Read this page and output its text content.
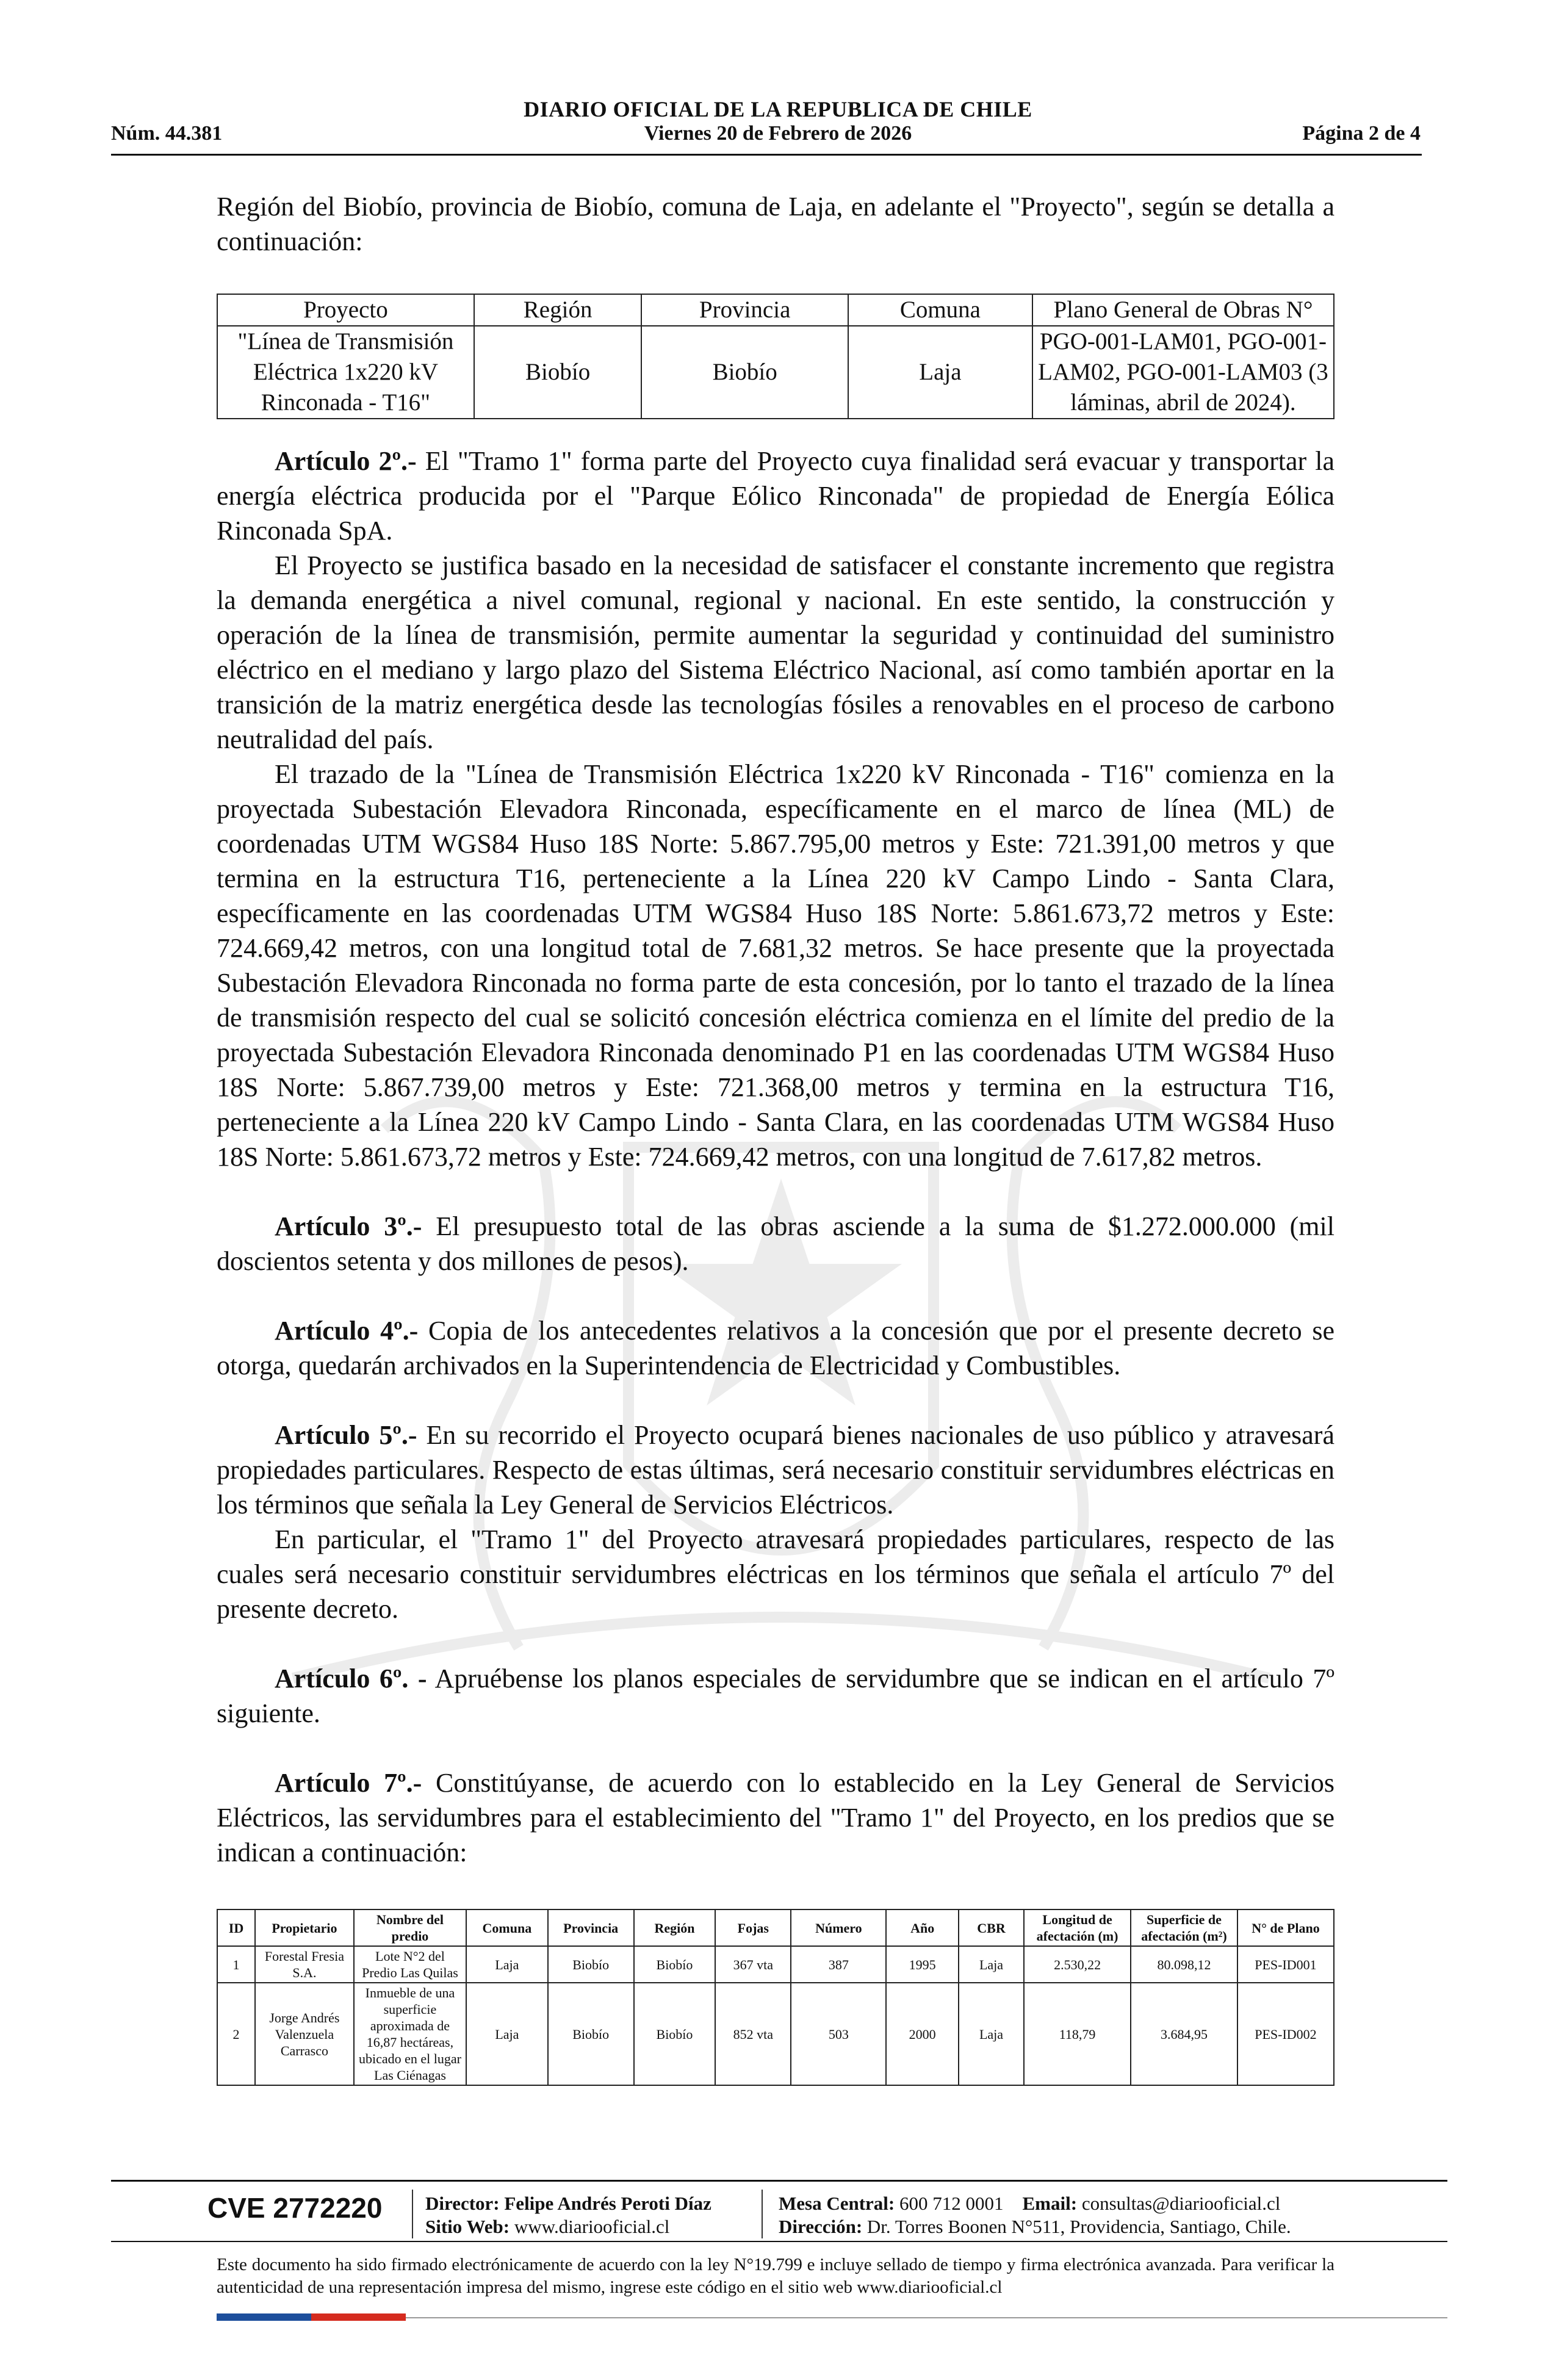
DIARIO OFICIAL DE LA REPUBLICA DE CHILE
Núm. 44.381	Viernes 20 de Febrero de 2026	Página 2 de 4

Región del Biobío, provincia de Biobío, comuna de Laja, en adelante el "Proyecto", según se detalla a continuación:

Proyecto	Región	Provincia	Comuna	Plano General de Obras N°
"Línea de Transmisión Eléctrica 1x220 kV Rinconada - T16"	Biobío	Biobío	Laja	PGO-001-LAM01, PGO-001-LAM02, PGO-001-LAM03 (3 láminas, abril de 2024).

Artículo 2º.- El "Tramo 1" forma parte del Proyecto cuya finalidad será evacuar y transportar la energía eléctrica producida por el "Parque Eólico Rinconada" de propiedad de Energía Eólica Rinconada SpA.

El Proyecto se justifica basado en la necesidad de satisfacer el constante incremento que registra la demanda energética a nivel comunal, regional y nacional. En este sentido, la construcción y operación de la línea de transmisión, permite aumentar la seguridad y continuidad del suministro eléctrico en el mediano y largo plazo del Sistema Eléctrico Nacional, así como también aportar en la transición de la matriz energética desde las tecnologías fósiles a renovables en el proceso de carbono neutralidad del país.

El trazado de la "Línea de Transmisión Eléctrica 1x220 kV Rinconada - T16" comienza en la proyectada Subestación Elevadora Rinconada, específicamente en el marco de línea (ML) de coordenadas UTM WGS84 Huso 18S Norte: 5.867.795,00 metros y Este: 721.391,00 metros y que termina en la estructura T16, perteneciente a la Línea 220 kV Campo Lindo - Santa Clara, específicamente en las coordenadas UTM WGS84 Huso 18S Norte: 5.861.673,72 metros y Este: 724.669,42 metros, con una longitud total de 7.681,32 metros. Se hace presente que la proyectada Subestación Elevadora Rinconada no forma parte de esta concesión, por lo tanto el trazado de la línea de transmisión respecto del cual se solicitó concesión eléctrica comienza en el límite del predio de la proyectada Subestación Elevadora Rinconada denominado P1 en las coordenadas UTM WGS84 Huso 18S Norte: 5.867.739,00 metros y Este: 721.368,00 metros y termina en la estructura T16, perteneciente a la Línea 220 kV Campo Lindo - Santa Clara, en las coordenadas UTM WGS84 Huso 18S Norte: 5.861.673,72 metros y Este: 724.669,42 metros, con una longitud de 7.617,82 metros.

Artículo 3º.- El presupuesto total de las obras asciende a la suma de $1.272.000.000 (mil doscientos setenta y dos millones de pesos).

Artículo 4º.- Copia de los antecedentes relativos a la concesión que por el presente decreto se otorga, quedarán archivados en la Superintendencia de Electricidad y Combustibles.

Artículo 5º.- En su recorrido el Proyecto ocupará bienes nacionales de uso público y atravesará propiedades particulares. Respecto de estas últimas, será necesario constituir servidumbres eléctricas en los términos que señala la Ley General de Servicios Eléctricos.

En particular, el "Tramo 1" del Proyecto atravesará propiedades particulares, respecto de las cuales será necesario constituir servidumbres eléctricas en los términos que señala el artículo 7º del presente decreto.

Artículo 6º. - Apruébense los planos especiales de servidumbre que se indican en el artículo 7º siguiente.

Artículo 7º.- Constitúyanse, de acuerdo con lo establecido en la Ley General de Servicios Eléctricos, las servidumbres para el establecimiento del "Tramo 1" del Proyecto, en los predios que se indican a continuación:

ID	Propietario	Nombre del predio	Comuna	Provincia	Región	Fojas	Número	Año	CBR	Longitud de afectación (m)	Superficie de afectación (m²)	N° de Plano
1	Forestal Fresia S.A.	Lote N°2 del Predio Las Quilas	Laja	Biobío	Biobío	367 vta	387	1995	Laja	2.530,22	80.098,12	PES-ID001
2	Jorge Andrés Valenzuela Carrasco	Inmueble de una superficie aproximada de 16,87 hectáreas, ubicado en el lugar Las Ciénagas	Laja	Biobío	Biobío	852 vta	503	2000	Laja	118,79	3.684,95	PES-ID002
CVE 2772220 Director: Felipe Andrés Peroti Díaz
Sitio Web: www.diariooficial.cl
Mesa Central: 600 712 0001 Email: consultas@diariooficial.cl
Dirección: Dr. Torres Boonen N°511, Providencia, Santiago, Chile.
Este documento ha sido firmado electrónicamente de acuerdo con la ley N°19.799 e incluye sellado de tiempo y firma electrónica avanzada. Para verificar la autenticidad de una representación impresa del mismo, ingrese este código en el sitio web www.diariooficial.cl
